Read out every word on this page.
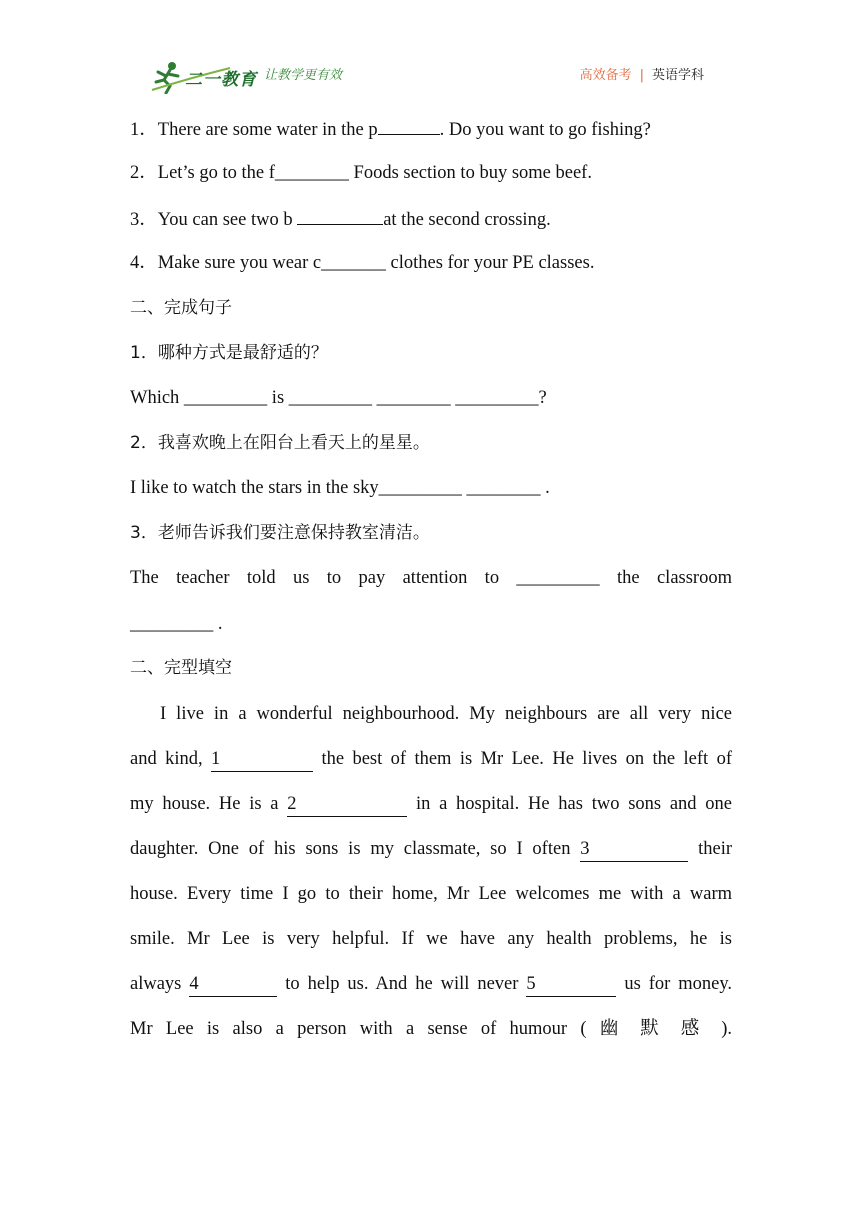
二一教育 让教学更有效	高效备考 | 英语学科
1．There are some water in the p	. Do you want to go fishing?
2．Let’s go to the f________ Foods section to buy some beef.
3．You can see two b	at the second crossing.
4．Make sure you wear c_______ clothes for your PE classes.
二、完成句子
1．哪种方式是最舒适的？
Which _________ is _________ ________ _________?
2．我喜欢晚上在阳台上看天上的星星。
I like to watch the stars in the sky_________ ________ .
3．老师告诉我们要注意保持教室清洁。
The teacher told us to pay attention to _________ the classroom
_________ .
二、完型填空
I live in a wonderful neighbourhood. My neighbours are all very nice
and kind, 1	the best of them is Mr Lee. He lives on the left of
my house. He is a 2	in a hospital. He has two sons and one
daughter. One of his sons is my classmate, so I often 3	their
house. Every time I go to their home, Mr Lee welcomes me with a warm
smile. Mr Lee is very helpful. If we have any health problems, he is
always 4	to help us. And he will never 5	us for money.
Mr Lee is also a person with a sense of humour ( 幽 默 感 ).
